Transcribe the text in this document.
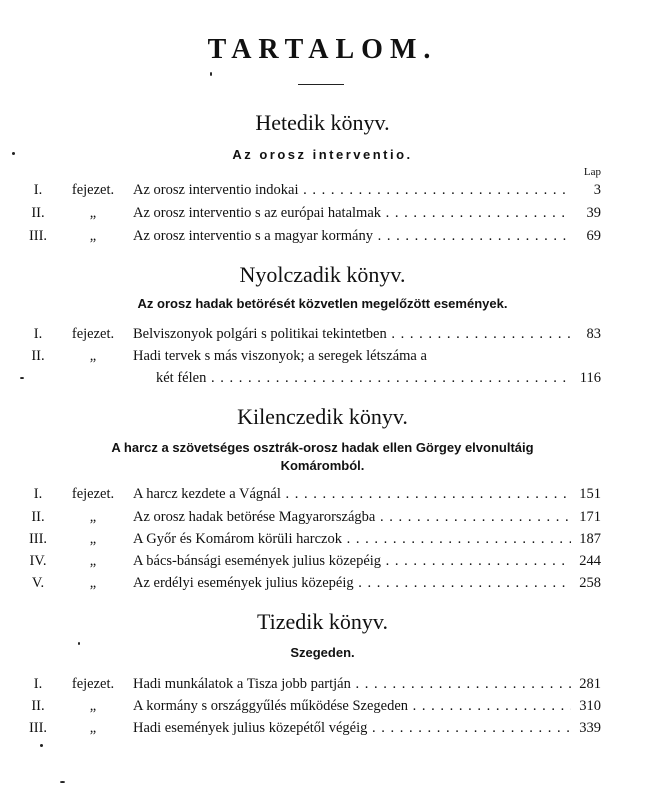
TARTALOM.
Hetedik könyv.
Az orosz interventio.
Lap
I.	fejezet.	Az orosz interventio indokai . .	3
II.	„	Az orosz interventio s az európai hatalmak . .	39
III.	„	Az orosz interventio s a magyar kormány . .	69
Nyolczadik könyv.
Az orosz hadak betörését közvetlen megelőzött események.
I.	fejezet.	Belviszonyok polgári s politikai tekintetben . .	83
II.	„	Hadi tervek s más viszonyok; a seregek létszáma a
két félen . .	116
Kilenczedik könyv.
A harcz a szövetséges osztrák-orosz hadak ellen Görgey elvonultáig
Komáromból.
I.	fejezet.	A harcz kezdete a Vágnál . .	151
II.	„	Az orosz hadak betörése Magyarországba . .	171
III.	„	A Győr és Komárom körüli harczok . .	187
IV.	„	A bács-bánsági események julius közepéig . .	244
V.	„	Az erdélyi események julius közepéig . .	258
Tizedik könyv.
Szegeden.
I.	fejezet.	Hadi munkálatok a Tisza jobb partján . .	281
II.	„	A kormány s országgyűlés működése Szegeden . .	310
III.	„	Hadi események julius közepétől végéig . .	339
